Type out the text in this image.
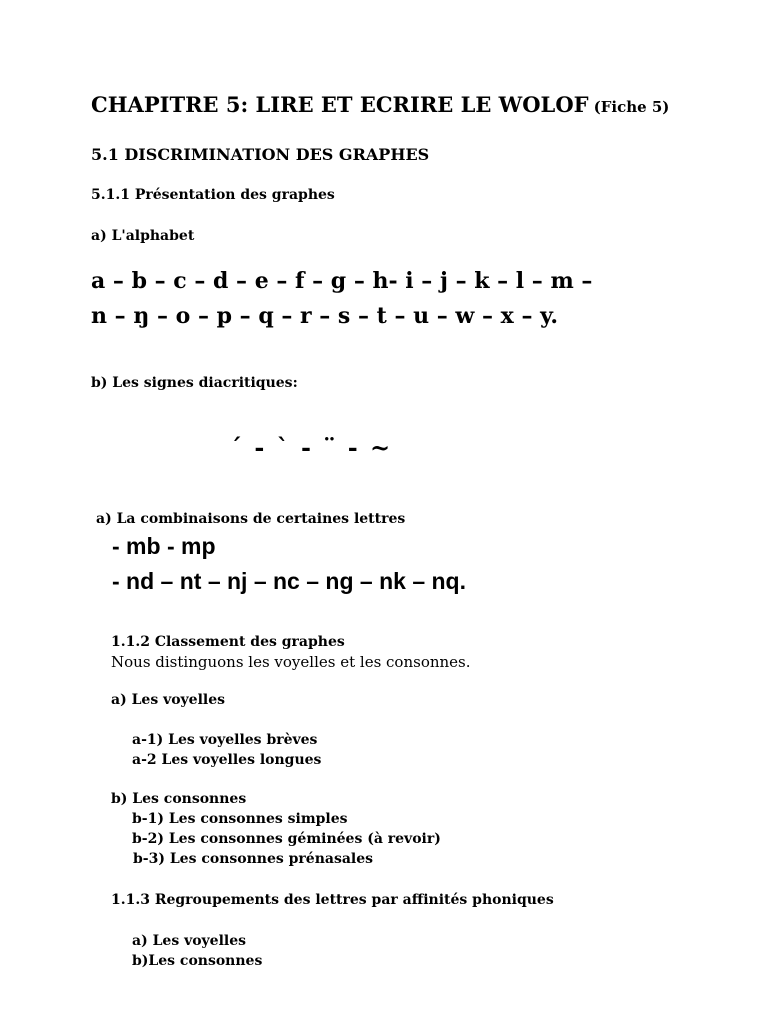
CHAPITRE 5: LIRE ET ECRIRE LE WOLOF (Fiche 5)
5.1 DISCRIMINATION DES GRAPHES
5.1.1 Présentation des graphes
a) L'alphabet
a – b – c – d – e – f – g – h- i – j – k – l – m –
n – ŋ – o – p – q – r – s – t – u – w – x – y.
b) Les signes diacritiques:
´ - ` - ¨ - ~
a) La combinaisons de certaines lettres
- mb - mp
- nd – nt – nj – nc – ng – nk – nq.
1.1.2 Classement des graphes
Nous distinguons les voyelles et les consonnes.
a) Les voyelles
a-1) Les voyelles brèves
a-2 Les voyelles longues
b) Les consonnes
b-1) Les consonnes simples
b-2) Les consonnes géminées (à revoir)
b-3) Les consonnes prénasales
1.1.3 Regroupements des lettres par affinités phoniques
a) Les voyelles
b)Les consonnes
